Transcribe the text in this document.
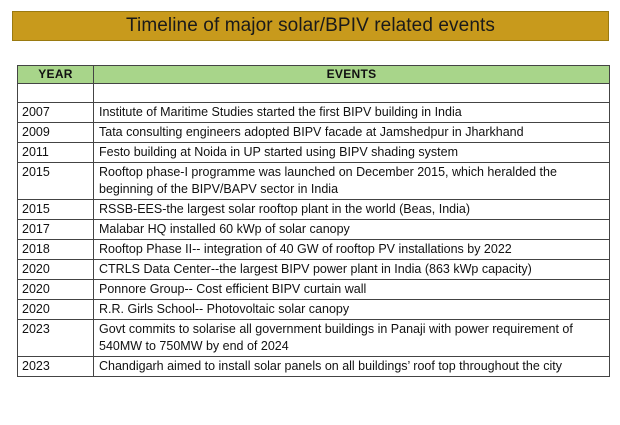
Timeline of major solar/BPIV related events
YEAR	EVENTS

2007	Institute of Maritime Studies started the first BIPV building in India
2009	Tata consulting engineers adopted BIPV facade at Jamshedpur in Jharkhand
2011	Festo building at Noida in UP started using BIPV shading system
2015	Rooftop phase-I programme was launched on December 2015, which heralded the beginning of the BIPV/BAPV sector in India
2015	RSSB-EES-the largest solar rooftop plant in the world (Beas, India)
2017	Malabar HQ installed 60 kWp of solar canopy
2018	Rooftop Phase II-- integration of 40 GW of rooftop PV installations by 2022
2020	CTRLS Data Center--the largest BIPV power plant in India (863 kWp capacity)
2020	Ponnore Group-- Cost efficient BIPV curtain wall
2020	R.R. Girls School-- Photovoltaic solar canopy
2023	Govt commits to solarise all government buildings in Panaji with power requirement of 540MW to 750MW by end of 2024
2023	Chandigarh aimed to install solar panels on all buildings’ roof top throughout the city
